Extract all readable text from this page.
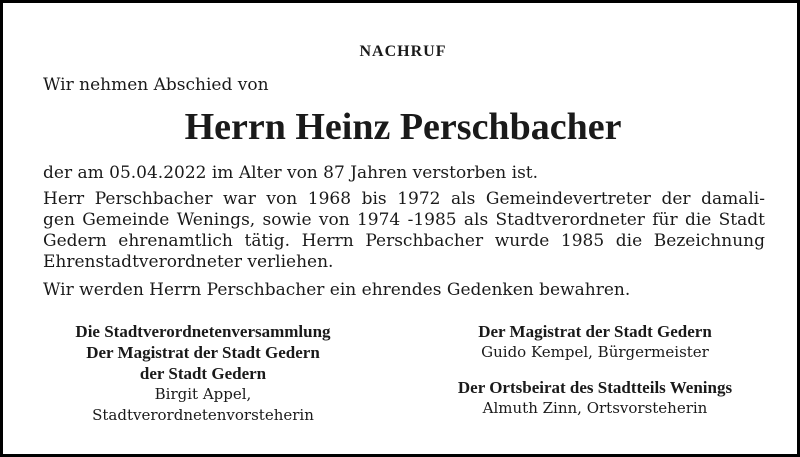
NACHRUF
Wir nehmen Abschied von
Herrn Heinz Perschbacher
der am 05.04.2022 im Alter von 87 Jahren verstorben ist.
Herr Perschbacher war von 1968 bis 1972 als Gemeindevertreter der damali-
gen Gemeinde Wenings, sowie von 1974 -1985 als Stadtverordneter für die Stadt
Gedern ehrenamtlich tätig. Herrn Perschbacher wurde 1985 die Bezeichnung
Ehrenstadtverordneter verliehen.
Wir werden Herrn Perschbacher ein ehrendes Gedenken bewahren.
Die Stadtverordnetenversammlung
Der Magistrat der Stadt Gedern
der Stadt Gedern
Birgit Appel,
Stadtverordnetenvorsteherin
Der Magistrat der Stadt Gedern
Guido Kempel, Bürgermeister
Der Ortsbeirat des Stadtteils Wenings
Almuth Zinn, Ortsvorsteherin
